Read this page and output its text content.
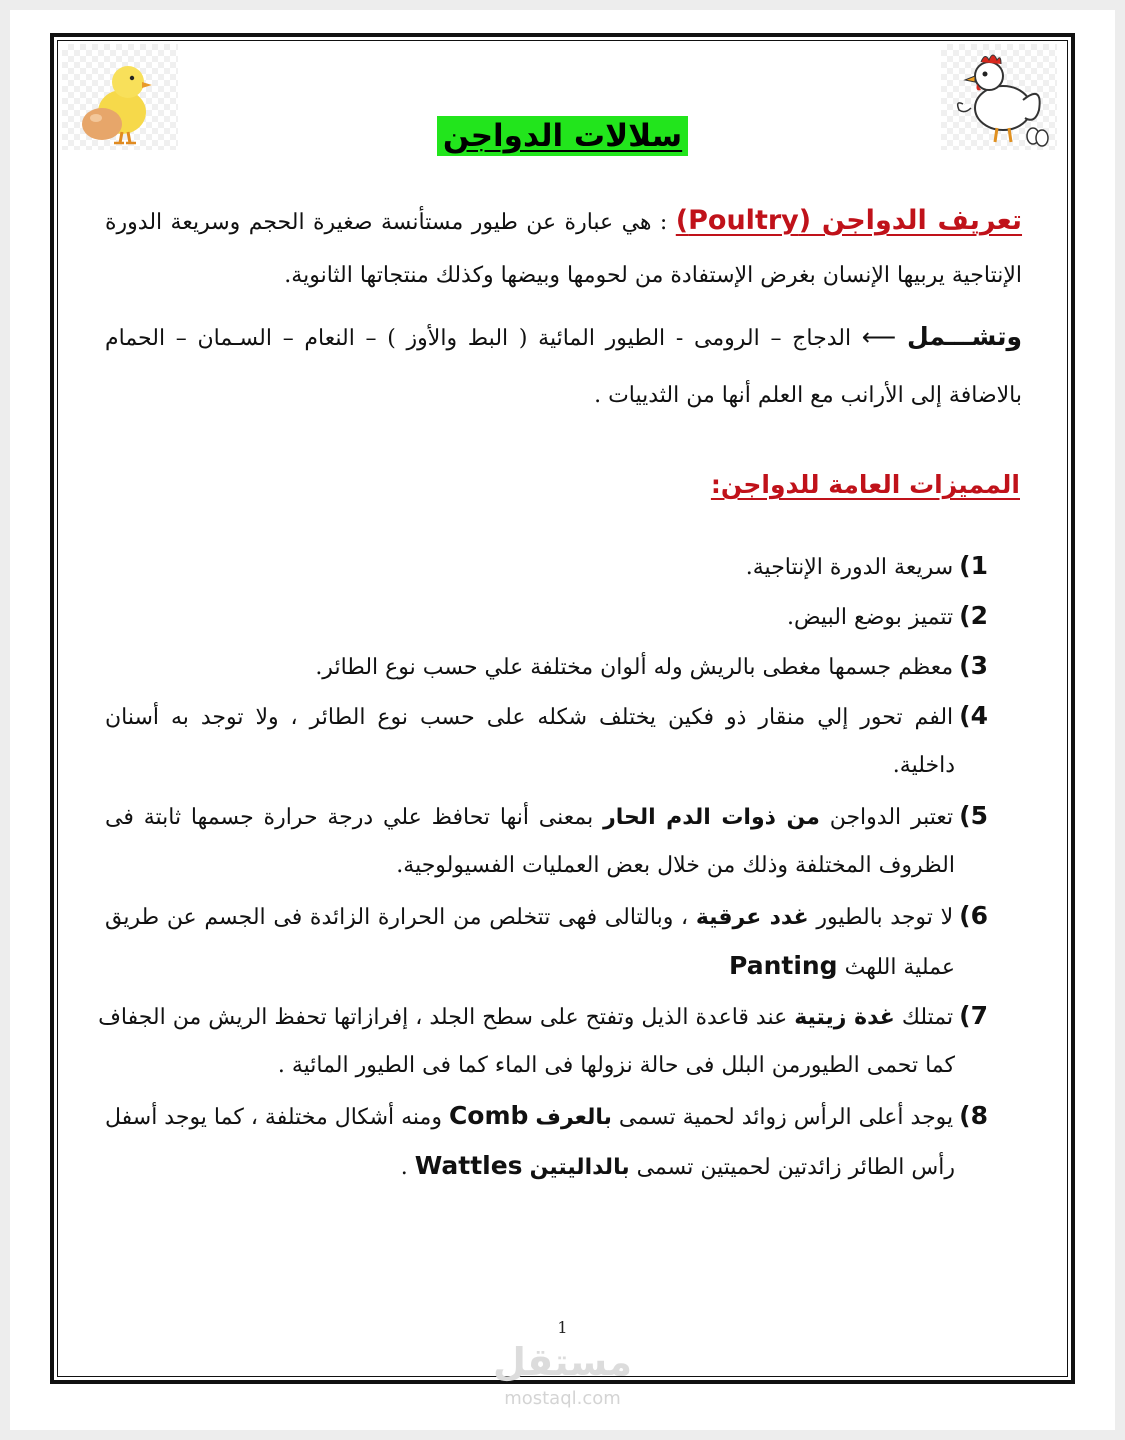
سلالات الدواجن
تعريف الدواجن (Poultry) : هي عبارة عن طيور مستأنسة صغيرة الحجم وسريعة الدورة
الإنتاجية يربيها الإنسان بغرض الإستفادة من لحومها وبيضها وكذلك منتجاتها الثانوية.
وتشـــمل ⟵ الدجاج – الرومى - الطيور المائية ( البط والأوز ) – النعام – السـمان – الحمام
بالاضافة إلى الأرانب مع العلم أنها من الثدييات .
المميزات العامة للدواجن:
1)سريعة الدورة الإنتاجية.
2)تتميز بوضع البيض.
3)معظم جسمها مغطى بالريش وله ألوان مختلفة علي حسب نوع الطائر.
4)الفم تحور إلي منقار ذو فكين يختلف شكله على حسب نوع الطائر ، ولا توجد به أسنان
داخلية.
5)تعتبر الدواجن من ذوات الدم الحار بمعنى أنها تحافظ علي درجة حرارة جسمها ثابتة فى
الظروف المختلفة وذلك من خلال بعض العمليات الفسيولوجية.
6)لا توجد بالطيور غدد عرقية ، وبالتالى فهى تتخلص من الحرارة الزائدة فى الجسم عن طريق
عملية اللهث Panting
7)تمتلك غدة زيتية عند قاعدة الذيل وتفتح على سطح الجلد ، إفرازاتها تحفظ الريش من الجفاف
كما تحمى الطيورمن البلل فى حالة نزولها فى الماء كما فى الطيور المائية .
8)يوجد أعلى الرأس زوائد لحمية تسمى بالعرف Comb ومنه أشكال مختلفة ، كما يوجد أسفل
رأس الطائر زائدتين لحميتين تسمى بالداليتين Wattles .
1
مستقل
mostaql.com
